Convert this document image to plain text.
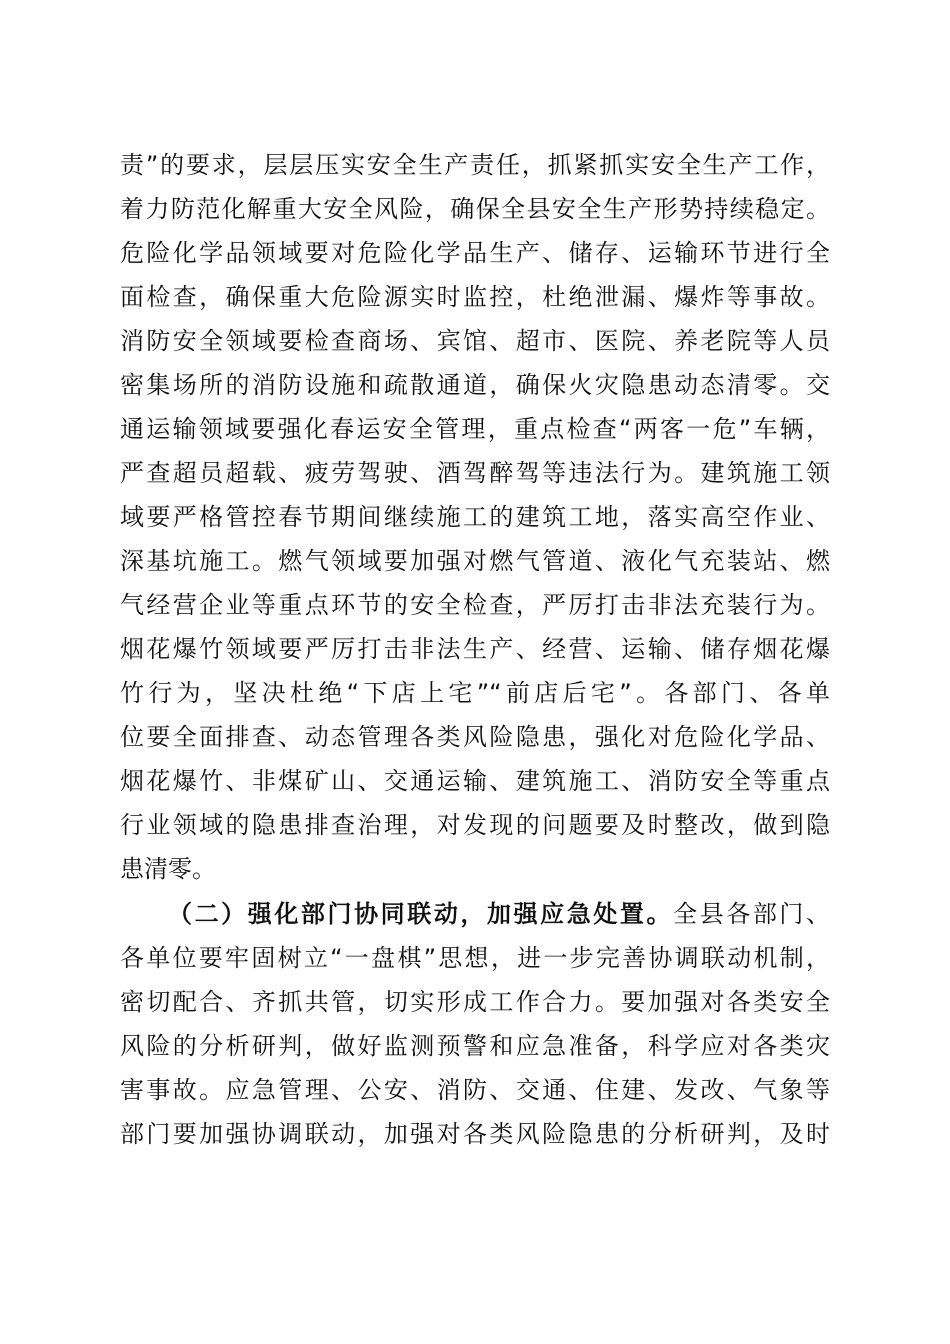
责”的要求，层层压实安全生产责任，抓紧抓实安全生产工作，
着力防范化解重大安全风险，确保全县安全生产形势持续稳定。
危险化学品领域要对危险化学品生产、储存、运输环节进行全
面检查，确保重大危险源实时监控，杜绝泄漏、爆炸等事故。
消防安全领域要检查商场、宾馆、超市、医院、养老院等人员
密集场所的消防设施和疏散通道，确保火灾隐患动态清零。交
通运输领域要强化春运安全管理，重点检查“两客一危”车辆，
严查超员超载、疲劳驾驶、酒驾醉驾等违法行为。建筑施工领
域要严格管控春节期间继续施工的建筑工地，落实高空作业、
深基坑施工。燃气领域要加强对燃气管道、液化气充装站、燃
气经营企业等重点环节的安全检查，严厉打击非法充装行为。
烟花爆竹领域要严厉打击非法生产、经营、运输、储存烟花爆
竹行为，坚决杜绝“下店上宅”“前店后宅”。各部门、各单
位要全面排查、动态管理各类风险隐患，强化对危险化学品、
烟花爆竹、非煤矿山、交通运输、建筑施工、消防安全等重点
行业领域的隐患排查治理，对发现的问题要及时整改，做到隐
患清零。
（二）强化部门协同联动，加强应急处置。全县各部门、
各单位要牢固树立“一盘棋”思想，进一步完善协调联动机制，
密切配合、齐抓共管，切实形成工作合力。要加强对各类安全
风险的分析研判，做好监测预警和应急准备，科学应对各类灾
害事故。应急管理、公安、消防、交通、住建、发改、气象等
部门要加强协调联动，加强对各类风险隐患的分析研判，及时
